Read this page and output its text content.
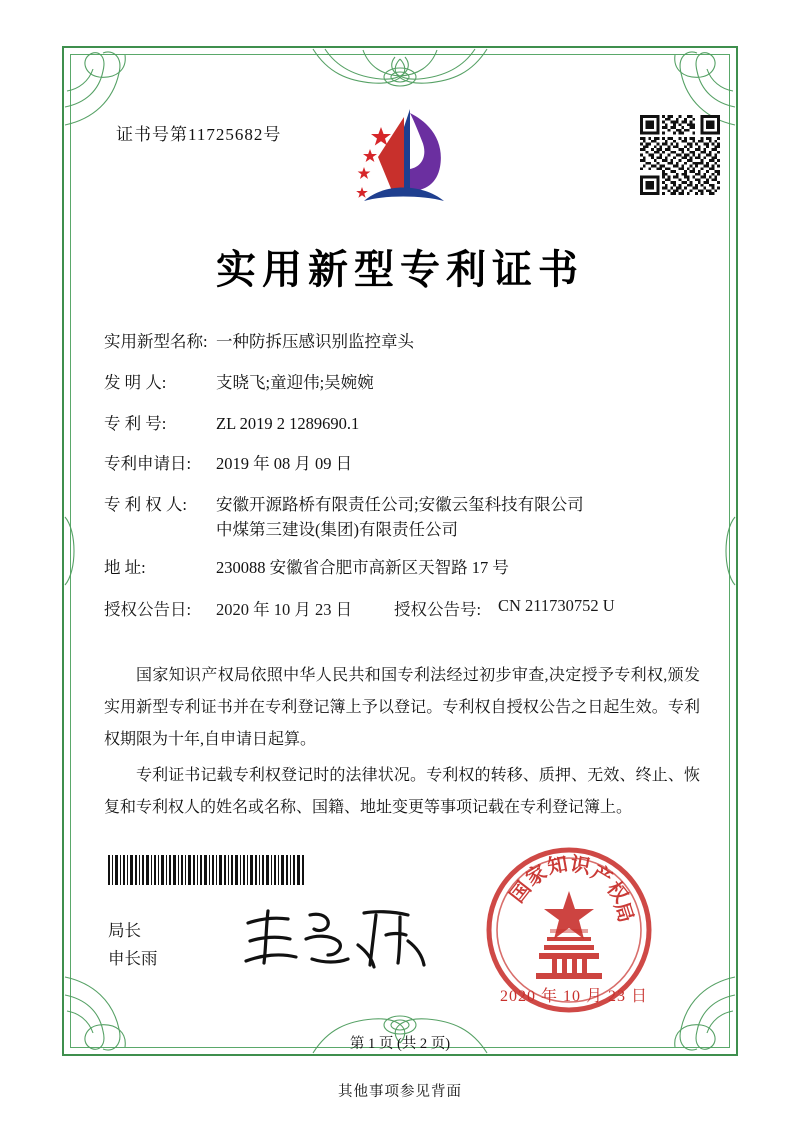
证书号第11725682号
实用新型专利证书
实用新型名称: 一种防拆压感识别监控章头
发 明 人:	支晓飞;童迎伟;吴婉婉
专 利 号:	ZL 2019 2 1289690.1
专利申请日:	2019 年 08 月 09 日
专 利 权 人:	安徽开源路桥有限责任公司;安徽云玺科技有限公司
中煤第三建设(集团)有限责任公司
地 址:	230088 安徽省合肥市高新区天智路 17 号
授权公告日:	2020 年 10 月 23 日	授权公告号:	CN 211730752 U

国家知识产权局依照中华人民共和国专利法经过初步审查,决定授予专利权,颁发实用新型专利证书并在专利登记簿上予以登记。专利权自授权公告之日起生效。专利权期限为十年,自申请日起算。

专利证书记载专利权登记时的法律状况。专利权的转移、质押、无效、终止、恢复和专利权人的姓名或名称、国籍、地址变更等事项记载在专利登记簿上。

局长
申长雨
国
家
知 识
产
权
局
2020 年 10 月 23 日
第 1 页 (共 2 页)
其他事项参见背面
